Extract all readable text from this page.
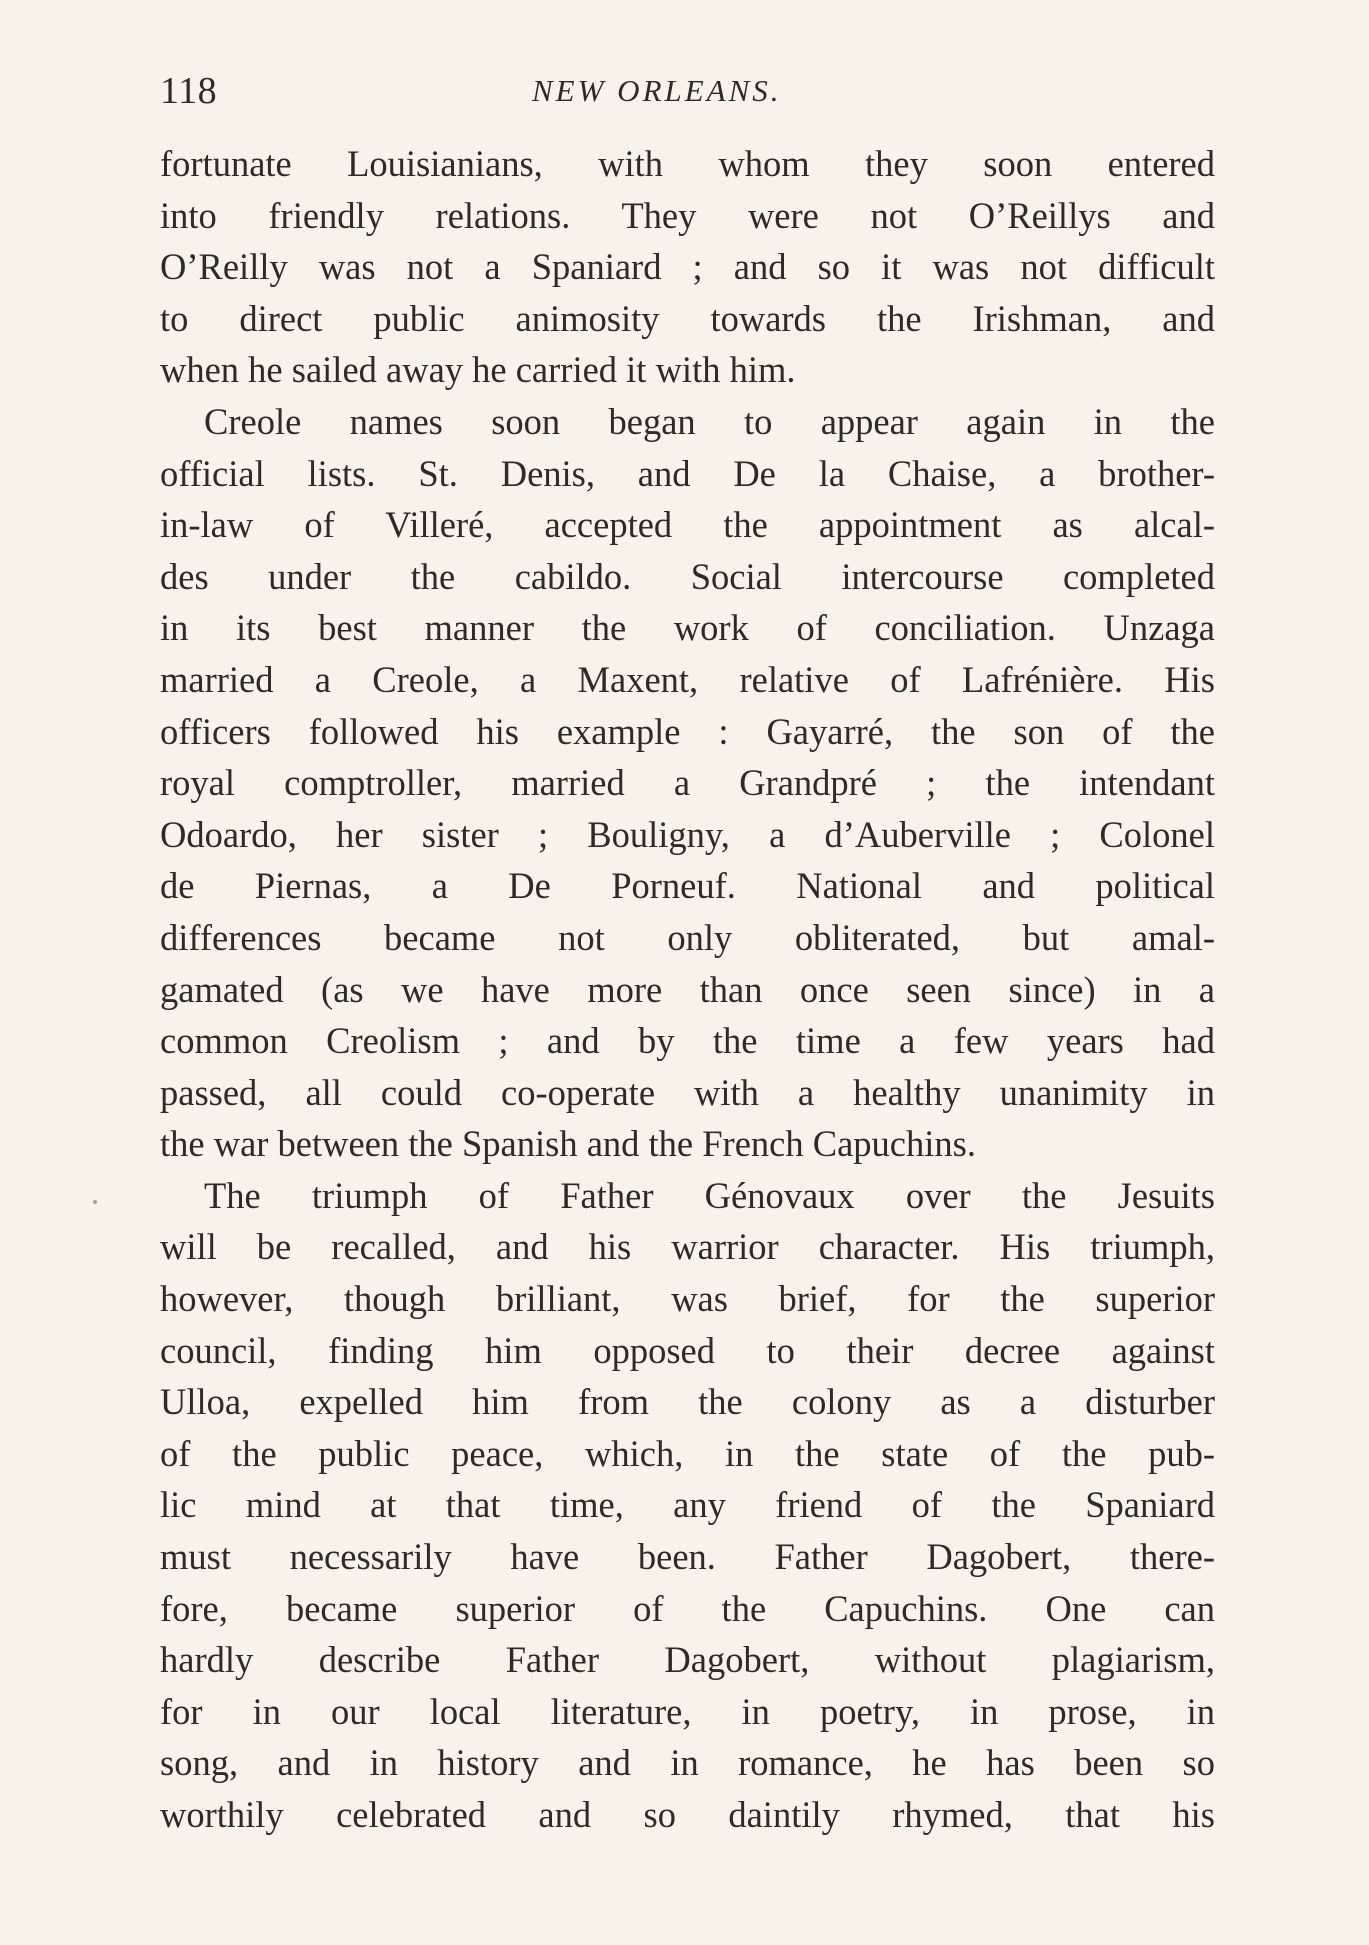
118	NEW ORLEANS.
fortunate Louisianians, with whom they soon entered
into friendly relations. They were not O’Reillys and
O’Reilly was not a Spaniard ; and so it was not difficult
to direct public animosity towards the Irishman, and
when he sailed away he carried it with him.
Creole names soon began to appear again in the
official lists. St. Denis, and De la Chaise, a brother-
in-law of Villeré, accepted the appointment as alcal-
des under the cabildo. Social intercourse completed
in its best manner the work of conciliation. Unzaga
married a Creole, a Maxent, relative of Lafrénière. His
officers followed his example : Gayarré, the son of the
royal comptroller, married a Grandpré ; the intendant
Odoardo, her sister ; Bouligny, a d’Auberville ; Colonel
de Piernas, a De Porneuf. National and political
differences became not only obliterated, but amal-
gamated (as we have more than once seen since) in a
common Creolism ; and by the time a few years had
passed, all could co-operate with a healthy unanimity in
the war between the Spanish and the French Capuchins.
The triumph of Father Génovaux over the Jesuits
will be recalled, and his warrior character. His triumph,
however, though brilliant, was brief, for the superior
council, finding him opposed to their decree against
Ulloa, expelled him from the colony as a disturber
of the public peace, which, in the state of the pub-
lic mind at that time, any friend of the Spaniard
must necessarily have been. Father Dagobert, there-
fore, became superior of the Capuchins. One can
hardly describe Father Dagobert, without plagiarism,
for in our local literature, in poetry, in prose, in
song, and in history and in romance, he has been so
worthily celebrated and so daintily rhymed, that his
